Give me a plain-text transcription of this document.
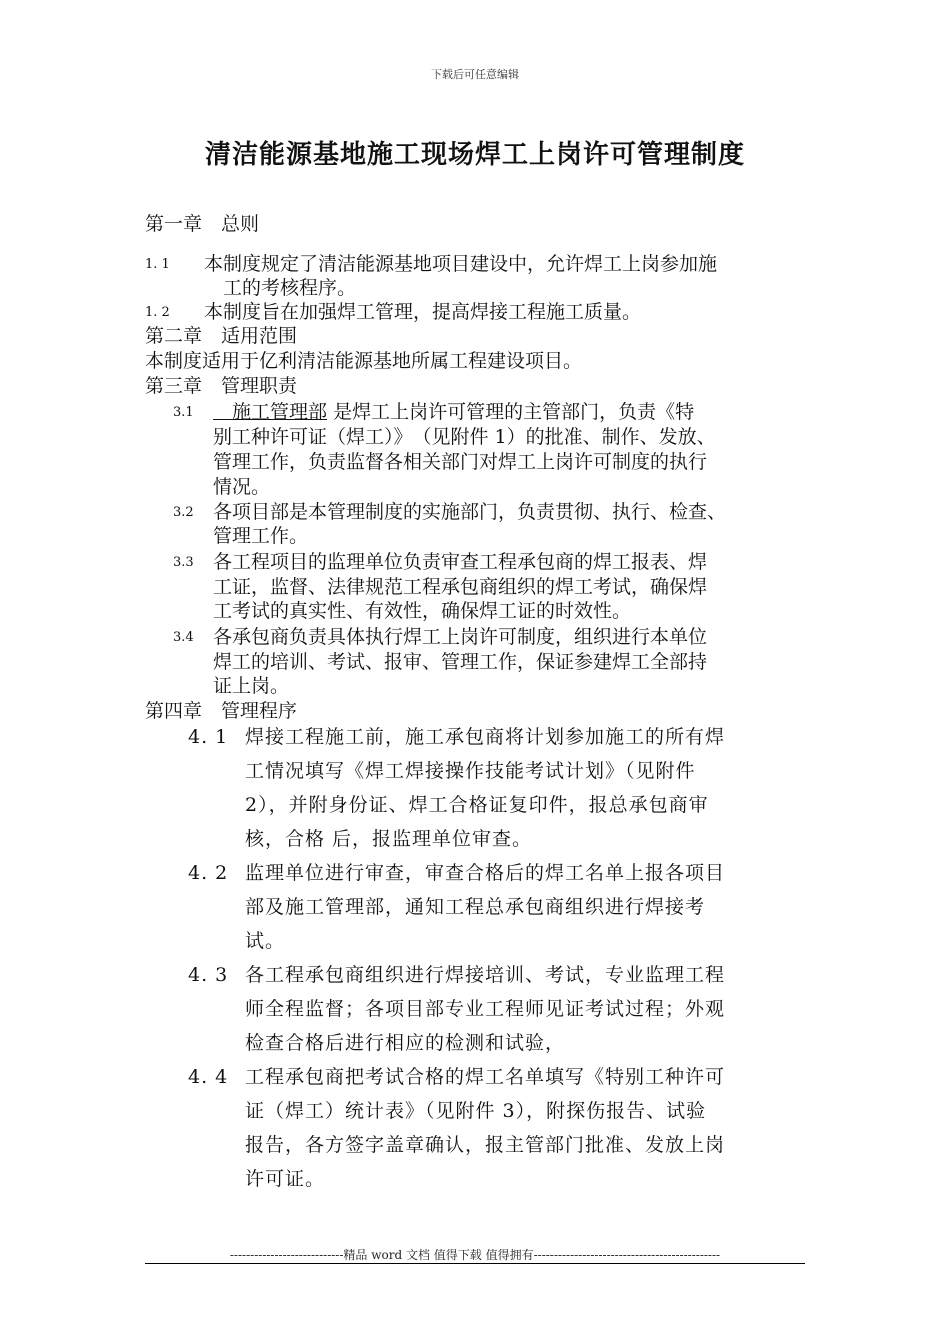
下载后可任意编辑
清洁能源基地施工现场焊工上岗许可管理制度
第一章　总则
1. 1 本制度规定了清洁能源基地项目建设中，允许焊工上岗参加施
工的考核程序。
1. 2 本制度旨在加强焊工管理，提高焊接工程施工质量。
第二章　适用范围
本制度适用于亿利清洁能源基地所属工程建设项目。
第三章　管理职责
3.1 　施工管理部 是焊工上岗许可管理的主管部门，负责《特
别工种许可证（焊工）》　（见附件 1）的批准、制作、发放、
管理工作，负责监督各相关部门对焊工上岗许可制度的执行
情况。
3.2 各项目部是本管理制度的实施部门，负责贯彻、执行、检查、
管理工作。
3.3 各工程项目的监理单位负责审查工程承包商的焊工报表、焊
工证，监督、法律规范工程承包商组织的焊工考试，确保焊
工考试的真实性、有效性，确保焊工证的时效性。
3.4 各承包商负责具体执行焊工上岗许可制度，组织进行本单位
焊工的培训、考试、报审、管理工作，保证参建焊工全部持
证上岗。
第四章　管理程序
4. 1 焊接工程施工前，施工承包商将计划参加施工的所有焊
工情况填写《焊工焊接操作技能考试计划》（见附件
2），并附身份证、焊工合格证复印件，报总承包商审
核，合格 后，报监理单位审查。
4. 2 监理单位进行审查，审查合格后的焊工名单上报各项目
部及施工管理部，通知工程总承包商组织进行焊接考
试。
4. 3 各工程承包商组织进行焊接培训、考试，专业监理工程
师全程监督；各项目部专业工程师见证考试过程；外观
检查合格后进行相应的检测和试验，
4. 4 工程承包商把考试合格的焊工名单填写《特别工种许可
证（焊工）统计表》（见附件 3），附探伤报告、试验
报告，各方签字盖章确认，报主管部门批准、发放上岗
许可证。
----------------------------精品 word 文档 值得下载 值得拥有----------------------------------------------
